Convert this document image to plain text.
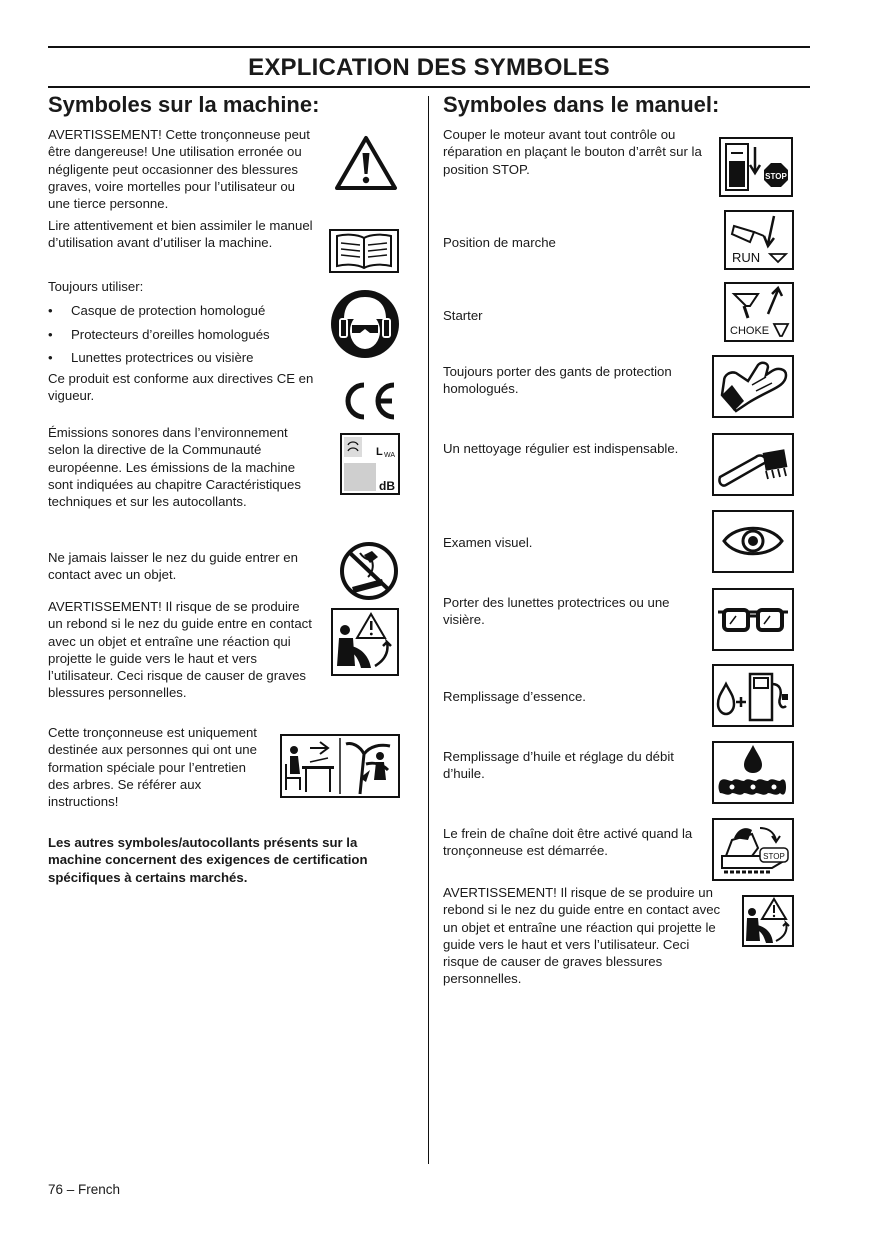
EXPLICATION DES SYMBOLES
Symboles sur la machine:
AVERTISSEMENT! Cette tronçonneuse peut être dangereuse! Une utilisation erronée ou négligente peut occasionner des blessures graves, voire mortelles pour l’utilisateur ou une tierce personne.
Lire attentivement et bien assimiler le manuel d’utilisation avant d’utiliser la machine.
Toujours utiliser:
• Casque de protection homologué
• Protecteurs d’oreilles homologués
• Lunettes protectrices ou visière
Ce produit est conforme aux directives CE en vigueur.
Émissions sonores dans l’environnement selon la directive de la Communauté européenne. Les émissions de la machine sont indiquées au chapitre Caractéristiques techniques et sur les autocollants.
L WA
dB
Ne jamais laisser le nez du guide entrer en contact avec un objet.
AVERTISSEMENT! Il risque de se produire un rebond si le nez du guide entre en contact avec un objet et entraîne une réaction qui projette le guide vers le haut et vers l’utilisateur. Ceci risque de causer de graves blessures personnelles.
Cette tronçonneuse est uniquement destinée aux personnes qui ont une formation spéciale pour l’entretien des arbres. Se référer aux instructions!
Les autres symboles/autocollants présents sur la machine concernent des exigences de certification spécifiques à certains marchés.
Symboles dans le manuel:
Couper le moteur avant tout contrôle ou réparation en plaçant le bouton d’arrêt sur la position STOP.	STOP
Position de marche
RUN
Starter
CHOKE
Toujours porter des gants de protection homologués.
Un nettoyage régulier est indispensable.
Examen visuel.
Porter des lunettes protectrices ou une visière.
Remplissage d’essence.
Remplissage d’huile et réglage du débit d’huile.
Le frein de chaîne doit être activé quand la tronçonneuse est démarrée.	STOP
AVERTISSEMENT! Il risque de se produire un rebond si le nez du guide entre en contact avec un objet et entraîne une réaction qui projette le guide vers le haut et vers l’utilisateur. Ceci risque de causer de graves blessures personnelles.
76 – French
